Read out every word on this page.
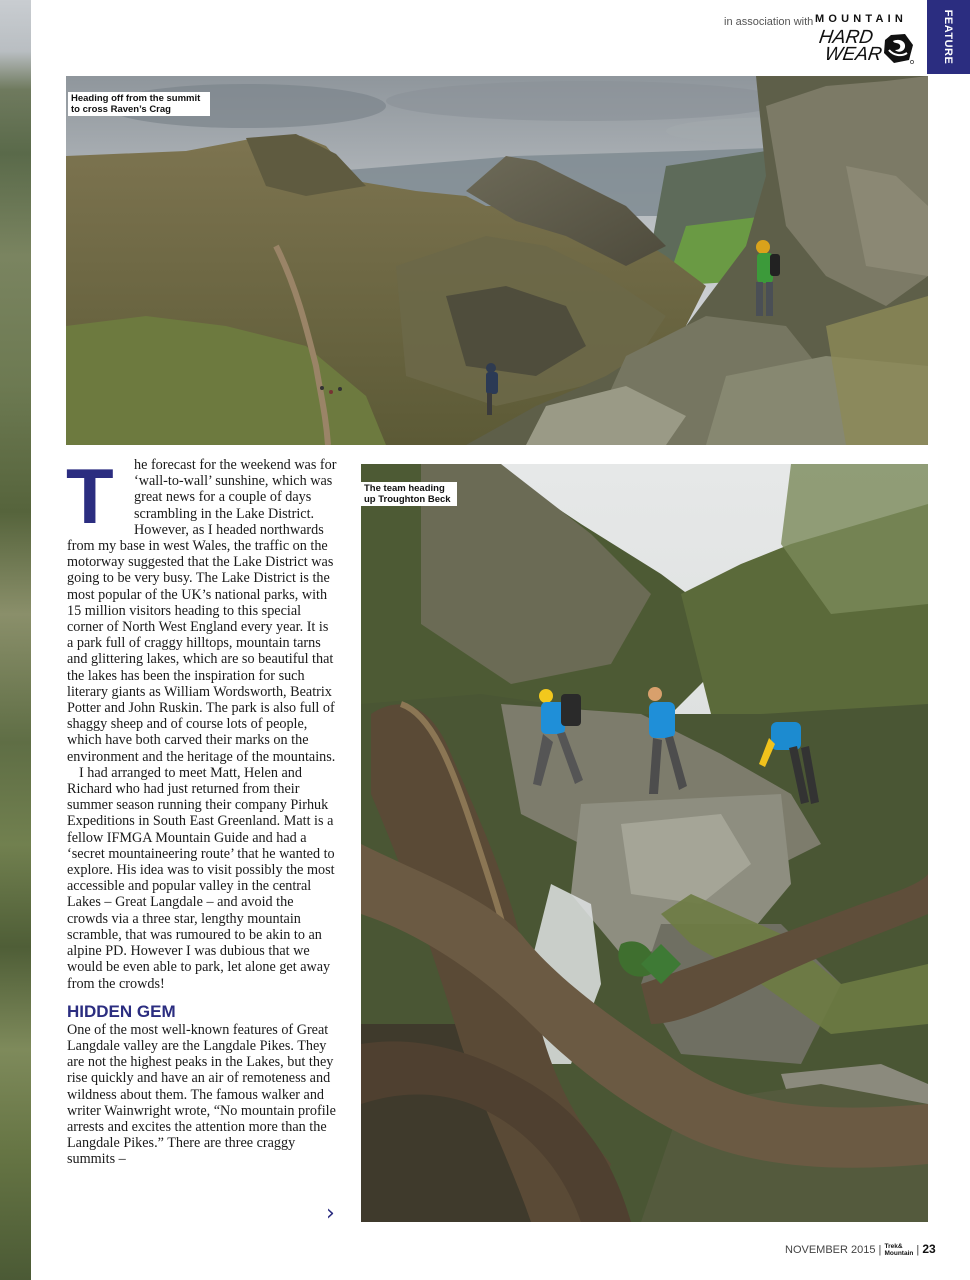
in association with MOUNTAIN
HARD
WEAR	FEATURE
Heading off from the summit to cross Raven’s Crag
The team heading up Troughton Beck
T	he forecast for the weekend was for ‘wall-to-wall’ sunshine, which was great news for a couple of days scrambling in the Lake District. However, as I headed northwards from my base in west Wales, the traffic on the motorway suggested that the Lake District was going to be very busy. The Lake District is the most popular of the UK’s national parks, with 15 million visitors heading to this special corner of North West England every year. It is a park full of craggy hilltops, mountain tarns and glittering lakes, which are so beautiful that the lakes has been the inspiration for such literary giants as William Wordsworth, Beatrix Potter and John Ruskin. The park is also full of shaggy sheep and of course lots of people, which have both carved their marks on the environment and the heritage of the mountains.

I had arranged to meet Matt, Helen and Richard who had just returned from their summer season running their company Pirhuk Expeditions in South East Greenland. Matt is a fellow IFMGA Mountain Guide and had a ‘secret mountaineering route’ that he wanted to explore. His idea was to visit possibly the most accessible and popular valley in the central Lakes – Great Langdale – and avoid the crowds via a three star, lengthy mountain scramble, that was rumoured to be akin to an alpine PD. However I was dubious that we would be even able to park, let alone get away from the crowds!

HIDDEN GEM

One of the most well-known features of Great Langdale valley are the Langdale Pikes. They are not the highest peaks in the Lakes, but they rise quickly and have an air of remoteness and wildness about them. The famous walker and writer Wainwright wrote, “No mountain profile arrests and excites the attention more than the Langdale Pikes.” There are three craggy summits –

›
NOVEMBER 2015 | Trek&
Mountain | 23
